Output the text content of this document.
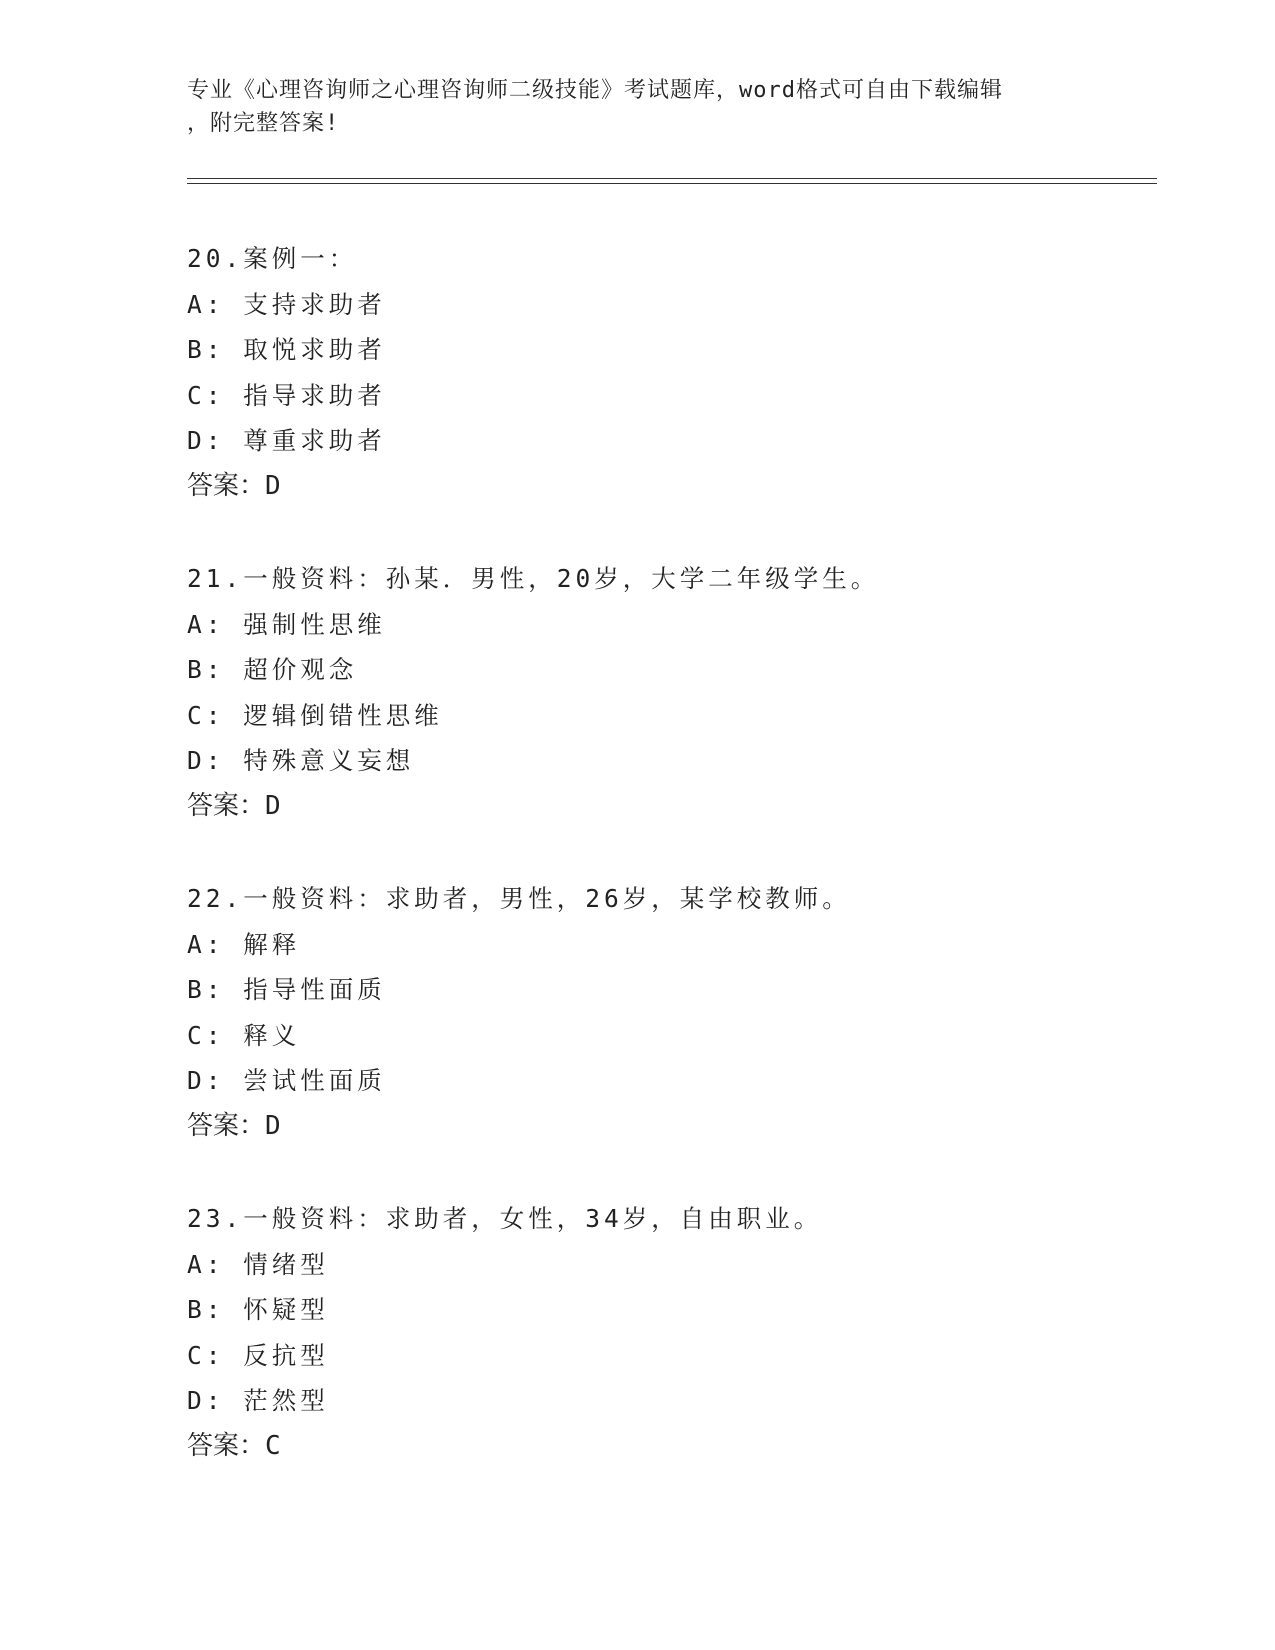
专业《心理咨询师之心理咨询师二级技能》考试题库，word格式可自由下载编辑
，附完整答案!
20.案例一：
A: 支持求助者
B: 取悦求助者
C: 指导求助者
D: 尊重求助者
答案：D
21.一般资料：孙某．男性，20岁，大学二年级学生。
A: 强制性思维
B: 超价观念
C: 逻辑倒错性思维
D: 特殊意义妄想
答案：D
22.一般资料：求助者，男性，26岁，某学校教师。
A: 解释
B: 指导性面质
C: 释义
D: 尝试性面质
答案：D
23.一般资料：求助者，女性，34岁，自由职业。
A: 情绪型
B: 怀疑型
C: 反抗型
D: 茫然型
答案：C
